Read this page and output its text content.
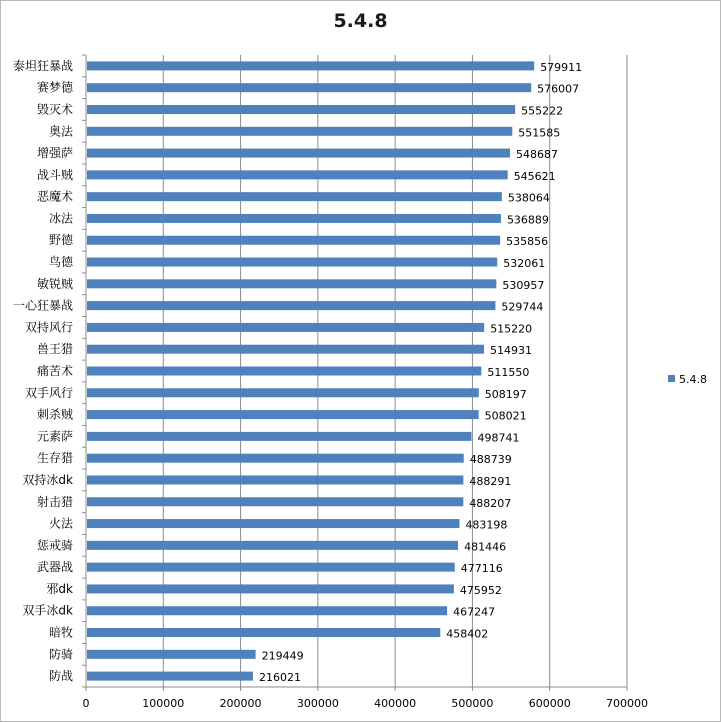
5.4.8
0	100000	200000	300000	400000	500000	600000	700000
泰坦狂暴战	579911
赛梦德	576007
毁灭术	555222
奥法	551585
增强萨	548687
战斗贼	545621
恶魔术	538064
冰法	536889
野德	535856
鸟德	532061
敏锐贼	530957
一心狂暴战	529744
双持风行	515220
兽王猎	514931
痛苦术	511550
双手风行	508197
刺杀贼	508021
元素萨	498741
生存猎	488739
双持冰dk	488291
射击猎	488207
火法	483198
惩戒骑	481446
武器战	477116
邪dk	475952
双手冰dk	467247
暗牧	458402
防骑	219449
防战	216021
5.4.8
